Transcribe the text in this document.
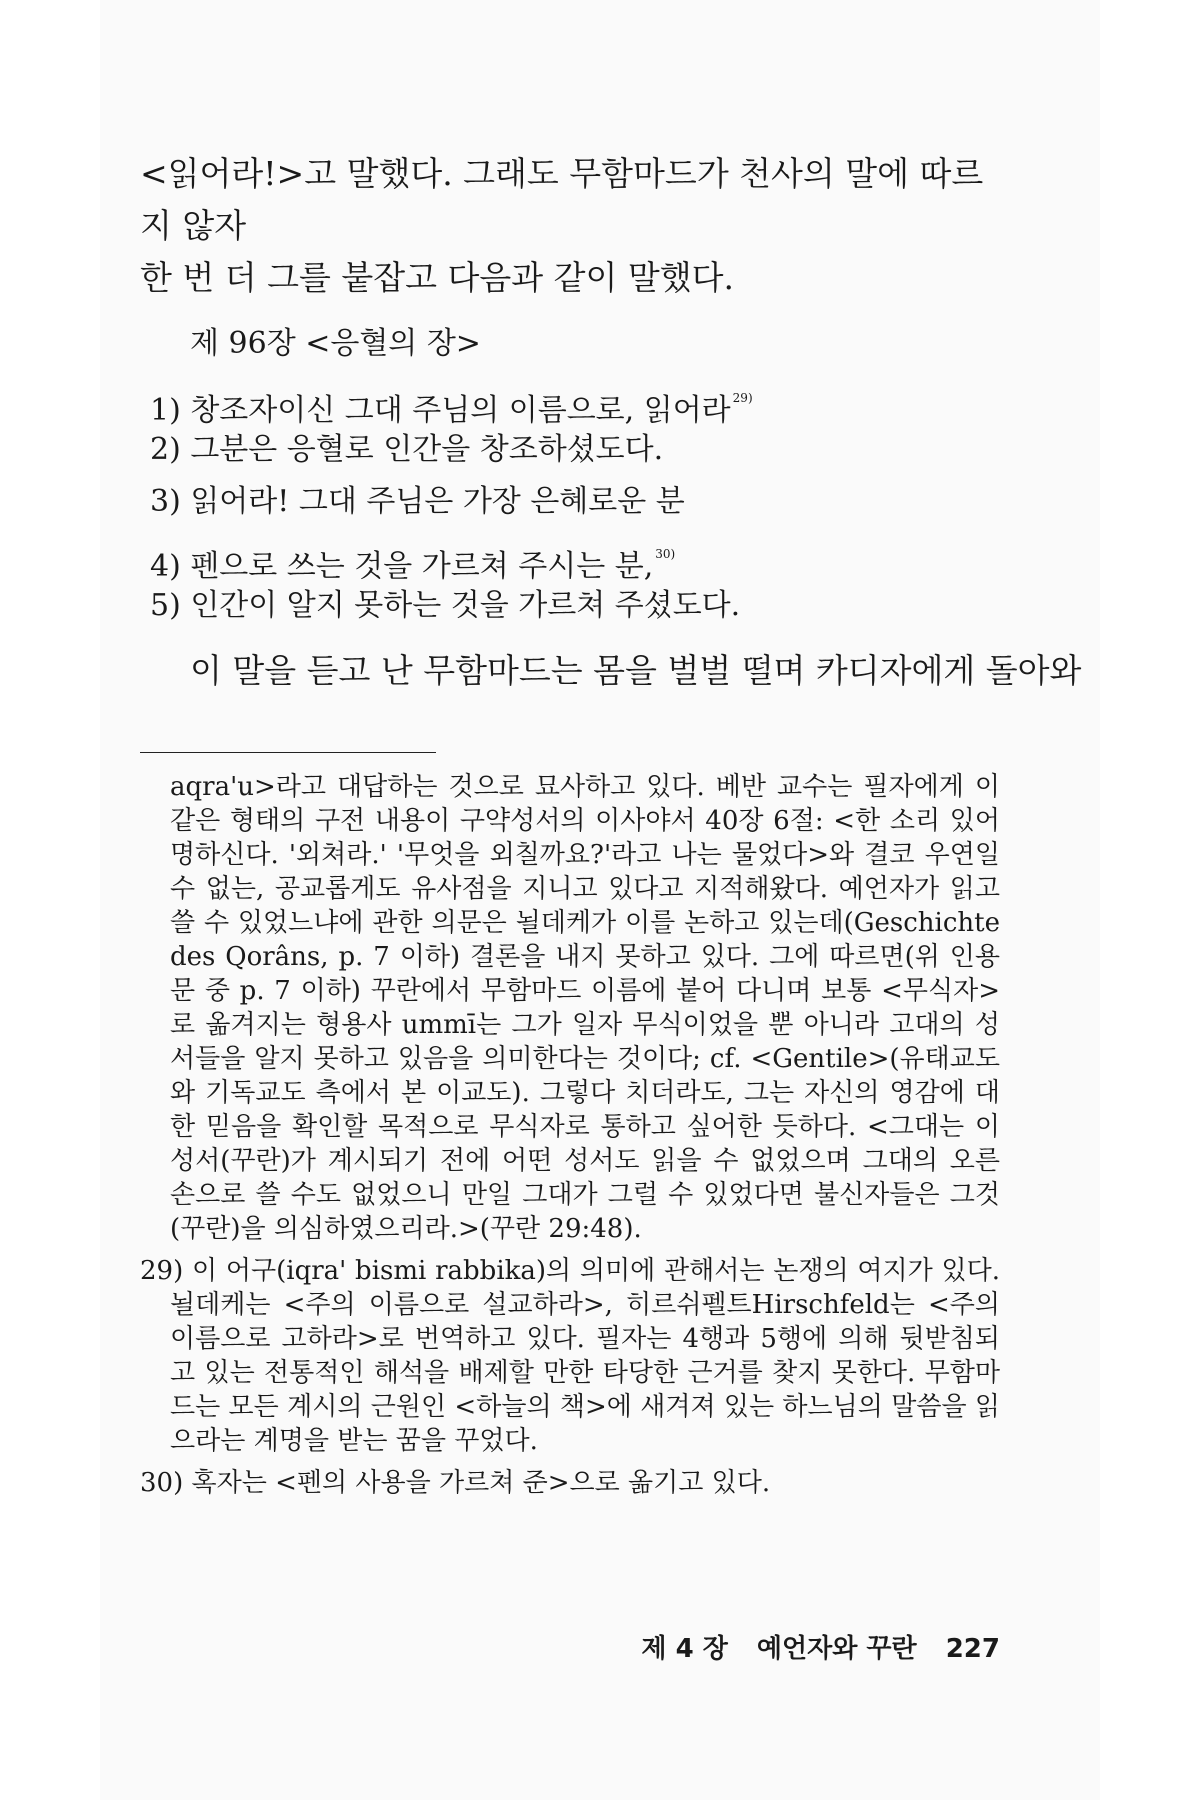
<읽어라!>고 말했다. 그래도 무함마드가 천사의 말에 따르지 않자

한 번 더 그를 붙잡고 다음과 같이 말했다.

제 96장 <응혈의 장>
1) 창조자이신 그대 주님의 이름으로, 읽어라 $^{29)}$
2) 그분은 응혈로 인간을 창조하셨도다.
3) 읽어라! 그대 주님은 가장 은혜로운 분
4) 펜으로 쓰는 것을 가르쳐 주시는 분, $^{30)}$
5) 인간이 알지 못하는 것을 가르쳐 주셨도다.
이 말을 듣고 난 무함마드는 몸을 벌벌 떨며 카디자에게 돌아와

aqra'u>라고 대답하는 것으로 묘사하고 있다. 베반 교수는 필자에게 이같은 형태의 구전 내용이 구약성서의 이사야서 40장 6절: <한 소리 있어 명하신다. '외쳐라.' '무엇을 외칠까요?'라고 나는 물었다>와 결코 우연일 수 없는, 공교롭게도 유사점을 지니고 있다고 지적해왔다. 예언자가 읽고 쓸 수 있었느냐에 관한 의문은 뇔데케가 이를 논하고 있는데(Geschichte des Qorâns, p. 7 이하) 결론을 내지 못하고 있다. 그에 따르면(위 인용문 중 p. 7 이하) 꾸란에서 무함마드 이름에 붙어 다니며 보통 <무식자>로 옮겨지는 형용사 ummī는 그가 일자 무식이었을 뿐 아니라 고대의 성서들을 알지 못하고 있음을 의미한다는 것이다; cf. <Gentile>(유태교도와 기독교도 측에서 본 이교도). 그렇다 치더라도, 그는 자신의 영감에 대한 믿음을 확인할 목적으로 무식자로 통하고 싶어한 듯하다. <그대는 이 성서(꾸란)가 계시되기 전에 어떤 성서도 읽을 수 없었으며 그대의 오른 손으로 쓸 수도 없었으니 만일 그대가 그럴 수 있었다면 불신자들은 그것(꾸란)을 의심하였으리라.>(꾸란 29:48).

29) 이 어구(iqra' bismi rabbika)의 의미에 관해서는 논쟁의 여지가 있다. 뇔데케는 <주의 이름으로 설교하라>, 히르쉬펠트Hirschfeld는 <주의 이름으로 고하라>로 번역하고 있다. 필자는 4행과 5행에 의해 뒷받침되고 있는 전통적인 해석을 배제할 만한 타당한 근거를 찾지 못한다. 무함마드는 모든 계시의 근원인 <하늘의 책>에 새겨져 있는 하느님의 말씀을 읽으라는 계명을 받는 꿈을 꾸었다.

30) 혹자는 <펜의 사용을 가르쳐 준>으로 옮기고 있다.

제 4 장 예언자와 꾸란 227
